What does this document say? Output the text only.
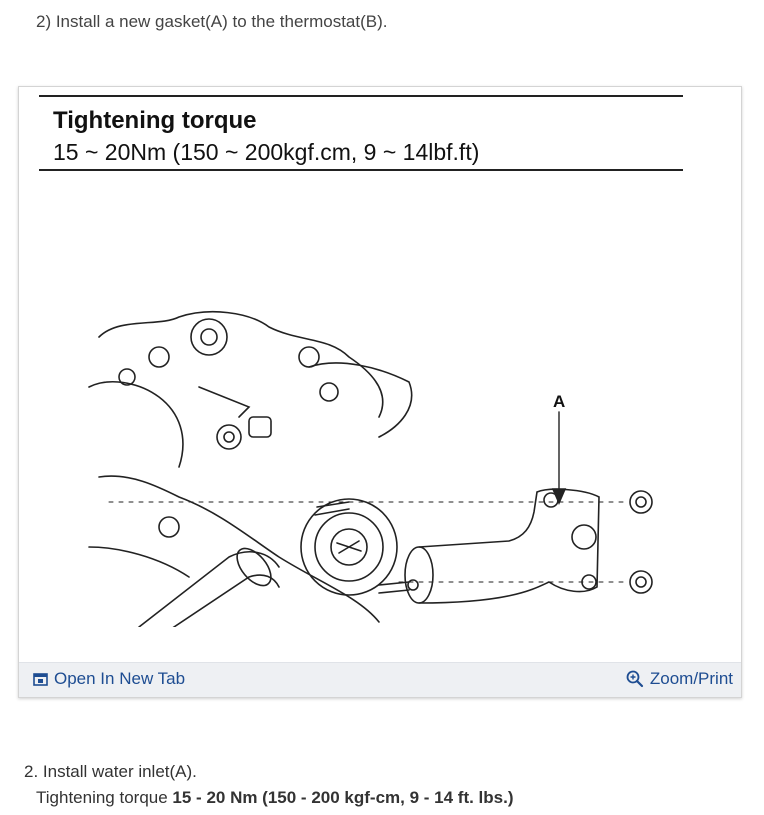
2) Install a new gasket(A) to the thermostat(B).
Tightening torque
15 ~ 20Nm (150 ~ 200kgf.cm, 9 ~ 14lbf.ft)
A
Open In New Tab	Zoom/Print
2. Install water inlet(A).
Tightening torque 15 - 20 Nm (150 - 200 kgf-cm, 9 - 14 ft. lbs.)
